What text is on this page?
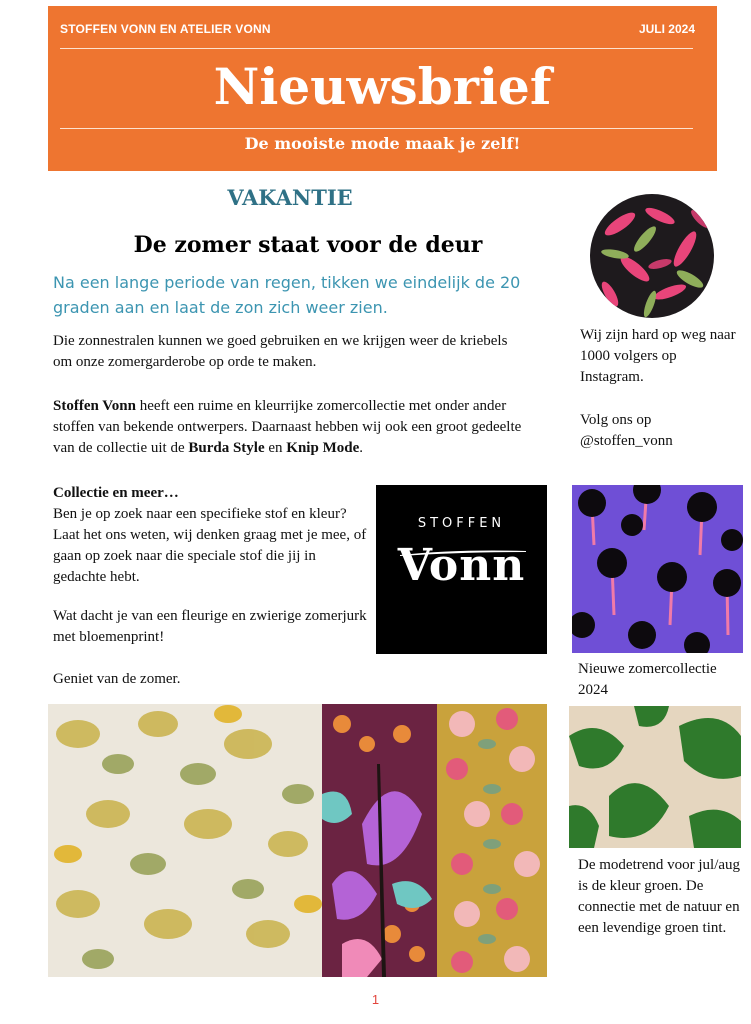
STOFFEN VONN EN ATELIER VONN	JULI 2024
Nieuwsbrief
De mooiste mode maak je zelf!
VAKANTIE
De zomer staat voor de deur
Na een lange periode van regen, tikken we eindelijk de 20 graden aan en laat de zon zich weer zien.
Die zonnestralen kunnen we goed gebruiken en we krijgen weer de kriebels om onze zomergarderobe op orde te maken.
Stoffen Vonn heeft een ruime en kleurrijke zomercollectie met onder ander stoffen van bekende ontwerpers. Daarnaast hebben wij ook een groot gedeelte van de collectie uit de Burda Style en Knip Mode.
Collectie en meer…
Ben je op zoek naar een specifieke stof en kleur? Laat het ons weten, wij denken graag met je mee, of gaan op zoek naar die speciale stof die jij in gedachte hebt.
Wat dacht je van een fleurige en zwierige zomerjurk met bloemenprint!
Geniet van de zomer.
Wij zijn hard op weg naar 1000 volgers op Instagram.
Volg ons op @stoffen_vonn
Nieuwe zomercollectie 2024
De modetrend voor jul/aug is de kleur groen. De connectie met de natuur en een levendige groen tint.
STOFFEN
Vonn
1
